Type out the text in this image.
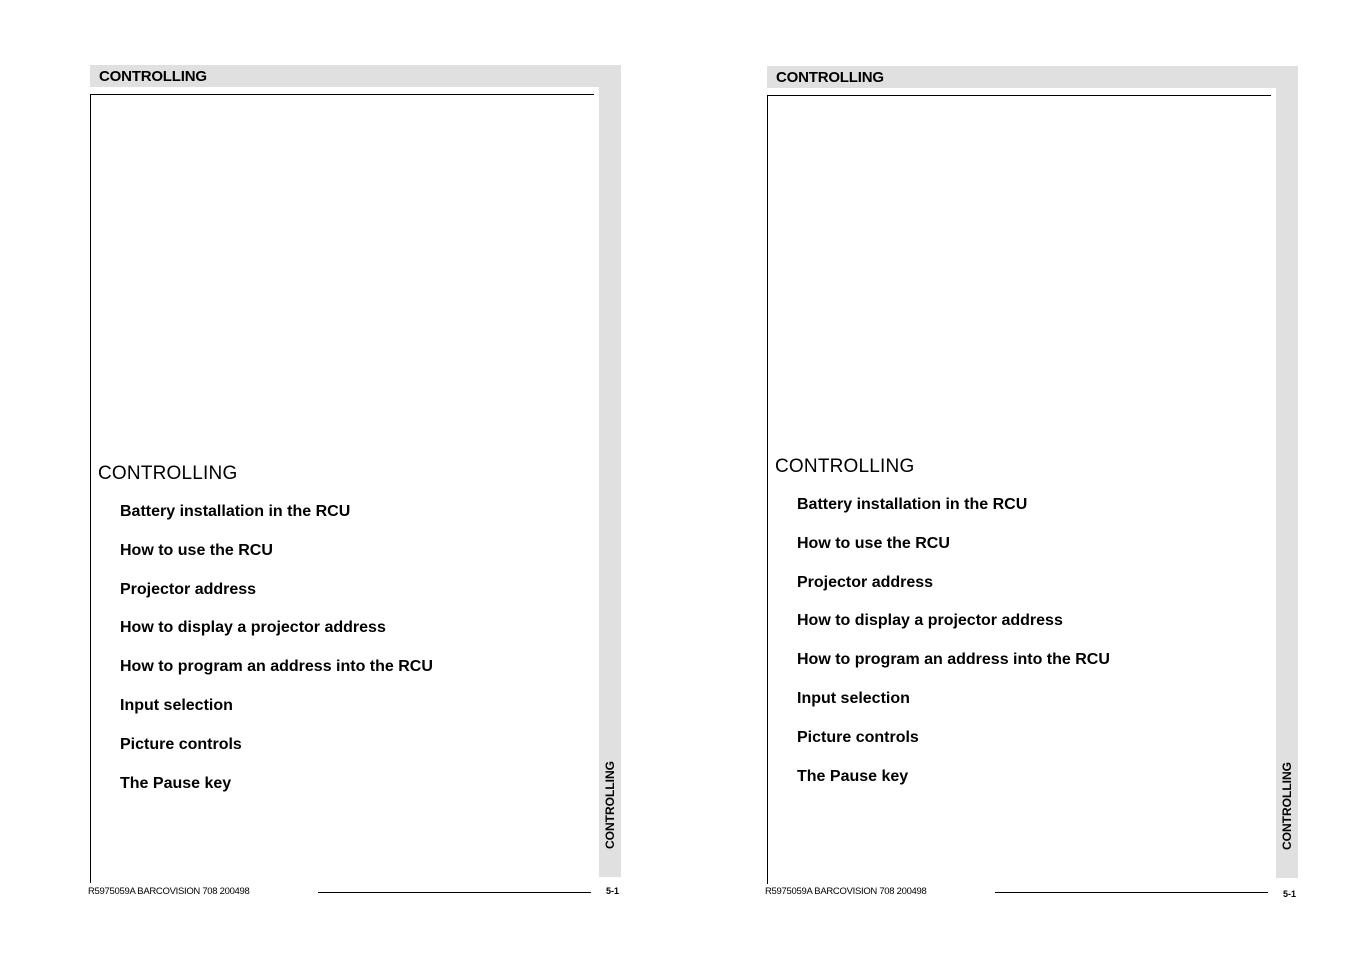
CONTROLLING
CONTROLLING
CONTROLLING
Battery installation in the RCU
How to use the RCU
Projector address
How to display a projector address
How to program an address into the RCU
Input selection
Picture controls
The Pause key
R5975059A BARCOVISION 708 200498	5-1
CONTROLLING
CONTROLLING
CONTROLLING
Battery installation in the RCU
How to use the RCU
Projector address
How to display a projector address
How to program an address into the RCU
Input selection
Picture controls
The Pause key
R5975059A BARCOVISION 708 200498	5-1
